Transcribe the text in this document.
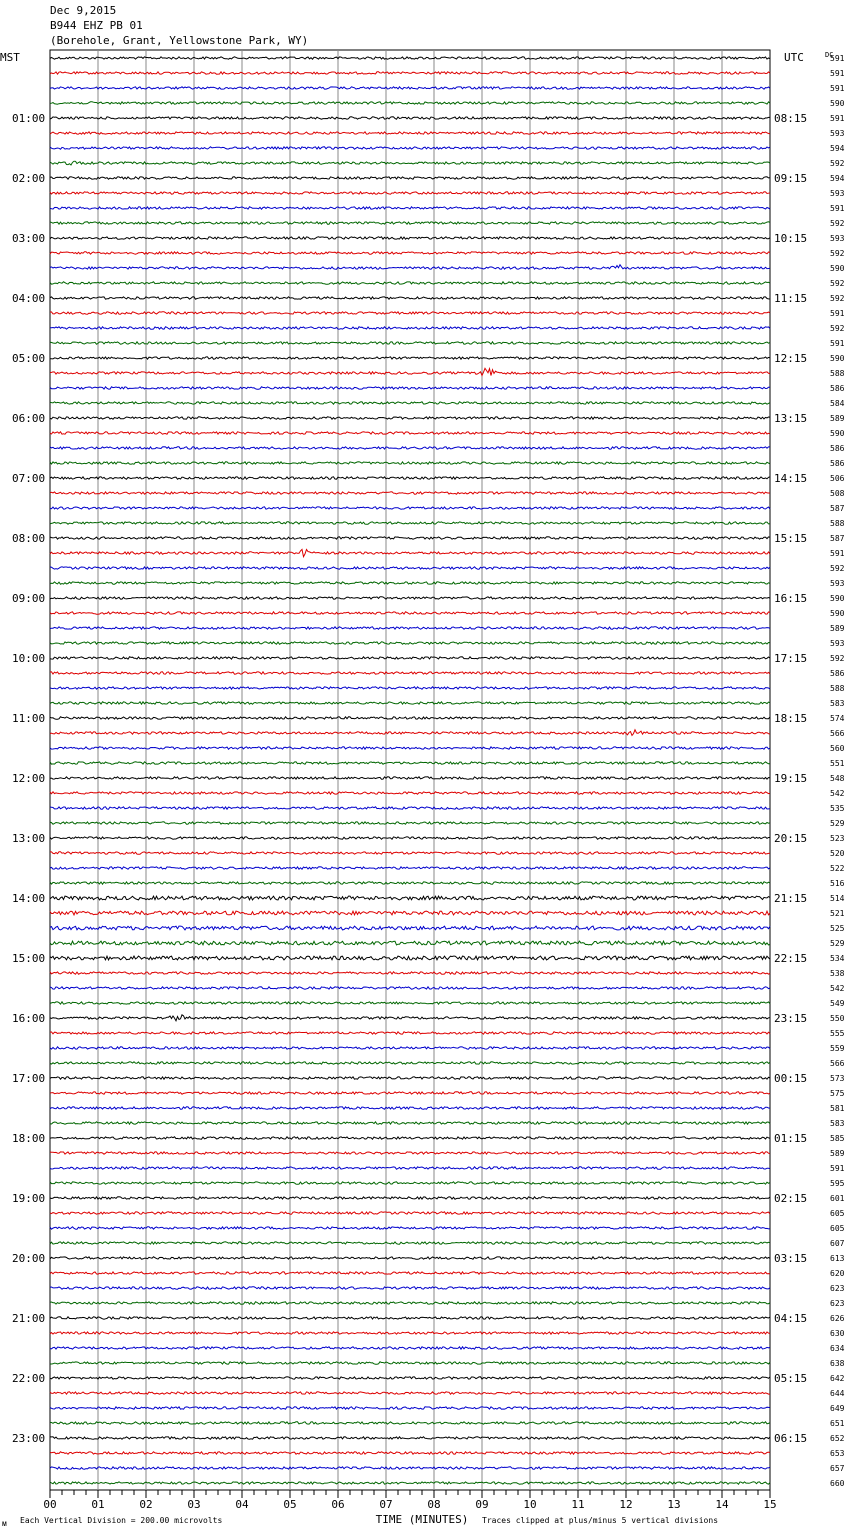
Dec 9,2015
B944 EHZ PB 01
(Borehole, Grant, Yellowstone Park, WY)
591
591
591
590
591
593
594
592
594
593
591
592
593
592
590
592
592
591
592
591
590
588
586
584
589
590
586
586
506
508
587
588
587
591
592
593
590
590
589
593
592
586
588
583
574
566
560
551
548
542
535
529
523
520
522
516
514
521
525
529
534
538
542
549
550
555
559
566
573
575
581
583
585
589
591
595
601
605
605
607
613
620
623
623
626
630
634
638
642
644
649
651
652
653
657
660
01:00
02:00
03:00
04:00
05:00
06:00
07:00
08:00
09:00
10:00
11:00
12:00
13:00
14:00
15:00
16:00
17:00
18:00
19:00
20:00
21:00
22:00
23:00
08:15
09:15
10:15
11:15
12:15
13:15
14:15
15:15
16:15
17:15
18:15
19:15
20:15
21:15
22:15
23:15
00:15
01:15
02:15
03:15
04:15
05:15
06:15
MST	UTC	DC
00	01	02	03	04	05	06	07	08	09	10	11	12	13	14	15
Each Vertical Division = 200.00 microvolts	TIME (MINUTES) Traces clipped at plus/minus 5 vertical divisions
ᴍ
